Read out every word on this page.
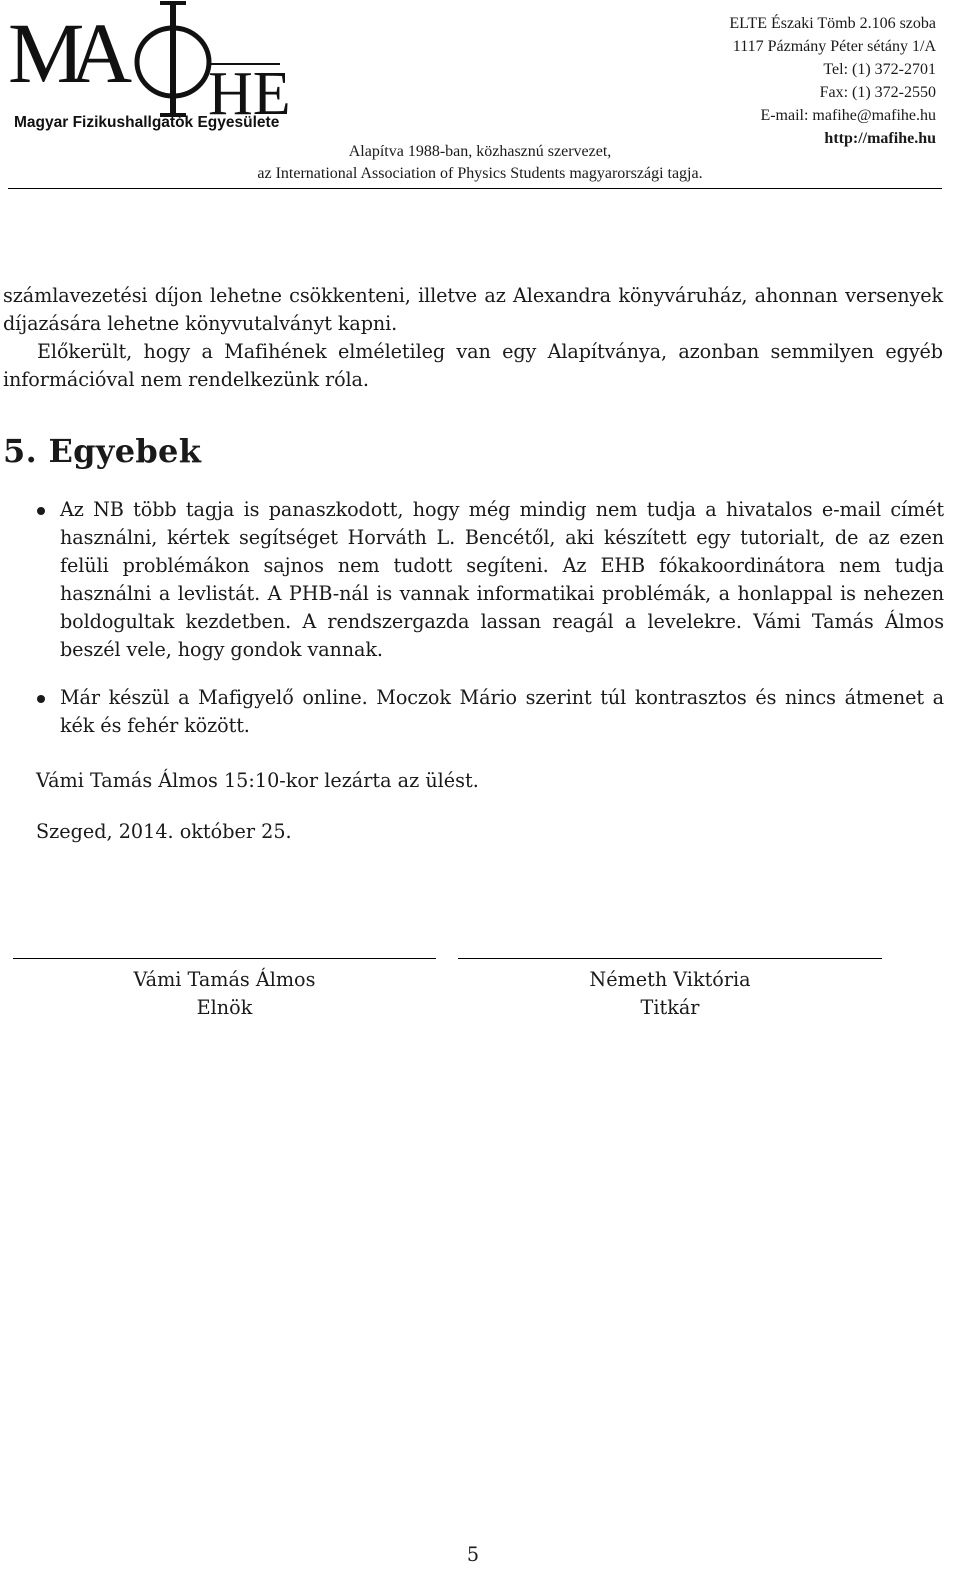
M
A HE
Magyar Fizikushallgatók Egyesülete
ELTE Északi Tömb 2.106 szoba
1117 Pázmány Péter sétány 1/A
Tel: (1) 372-2701
Fax: (1) 372-2550
E-mail: mafihe@mafihe.hu
http://mafihe.hu
Alapítva 1988-ban, közhasznú szervezet,
az International Association of Physics Students magyarországi tagja.
számlavezetési díjon lehetne csökkenteni, illetve az Alexandra könyváruház, ahonnan versenyek díjazására lehetne könyvutalványt kapni.
Előkerült, hogy a Mafihének elméletileg van egy Alapítványa, azonban semmilyen egyéb információval nem rendelkezünk róla.
5. Egyebek
Az NB több tagja is panaszkodott, hogy még mindig nem tudja a hivatalos e-mail címét használni, kértek segítséget Horváth L. Bencétől, aki készített egy tutorialt, de az ezen felüli problémákon sajnos nem tudott segíteni. Az EHB fókakoordinátora nem tudja használni a levlistát. A PHB-nál is vannak informatikai problémák, a honlappal is nehezen boldogultak kezdetben. A rendszergazda lassan reagál a levelekre. Vámi Tamás Álmos beszél vele, hogy gondok vannak.
Már készül a Mafigyelő online. Moczok Mário szerint túl kontrasztos és nincs átmenet a kék és fehér között.
Vámi Tamás Álmos 15:10-kor lezárta az ülést.
Szeged, 2014. október 25.
Vámi Tamás Álmos
Elnök
Németh Viktória
Titkár
5
